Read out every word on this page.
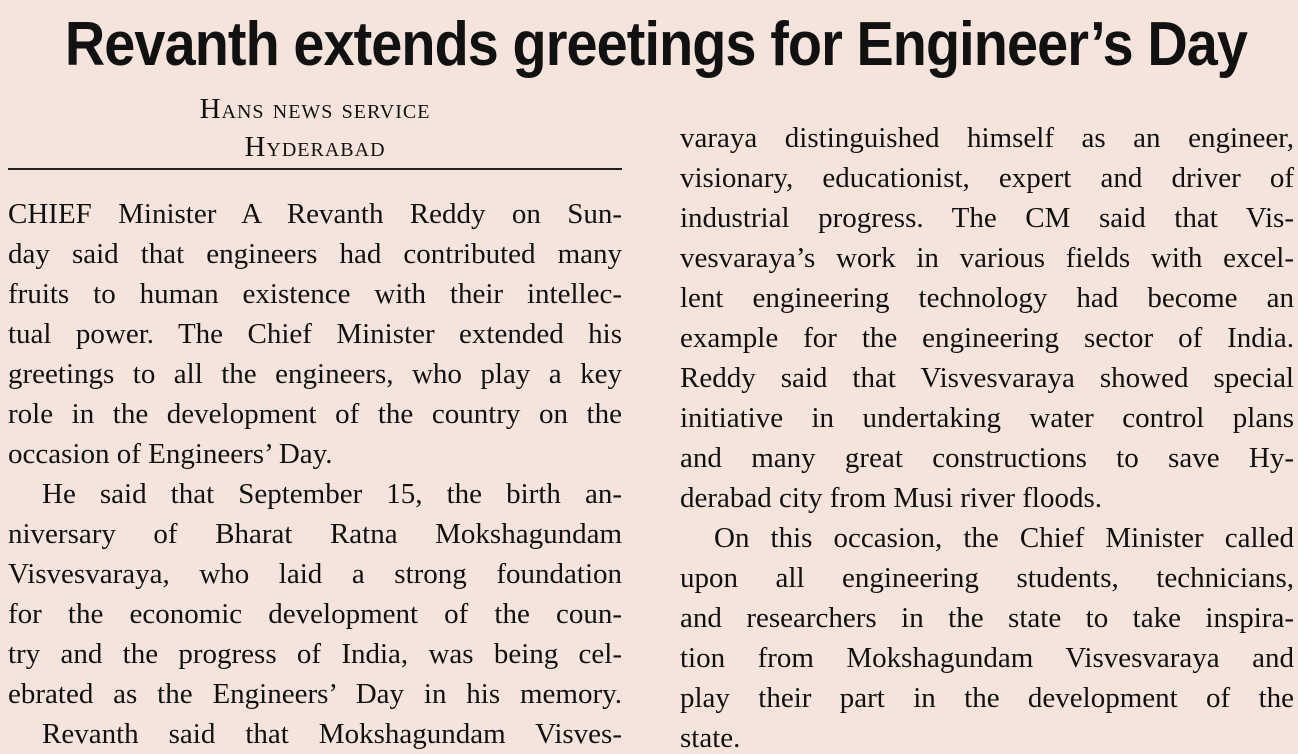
Revanth extends greetings for Engineer’s Day
Hans news service
Hyderabad
CHIEF Minister A Revanth Reddy on Sun-
day said that engineers had contributed many
fruits to human existence with their intellec-
tual power. The Chief Minister extended his
greetings to all the engineers, who play a key
role in the development of the country on the
occasion of Engineers’ Day.
He said that September 15, the birth an-
niversary of Bharat Ratna Mokshagundam
Visvesvaraya, who laid a strong foundation
for the economic development of the coun-
try and the progress of India, was being cel-
ebrated as the Engineers’ Day in his memory.
Revanth said that Mokshagundam Visves-
varaya distinguished himself as an engineer,
visionary, educationist, expert and driver of
industrial progress. The CM said that Vis-
vesvaraya’s work in various fields with excel-
lent engineering technology had become an
example for the engineering sector of India.
Reddy said that Visvesvaraya showed special
initiative in undertaking water control plans
and many great constructions to save Hy-
derabad city from Musi river floods.
On this occasion, the Chief Minister called
upon all engineering students, technicians,
and researchers in the state to take inspira-
tion from Mokshagundam Visvesvaraya and
play their part in the development of the
state.
